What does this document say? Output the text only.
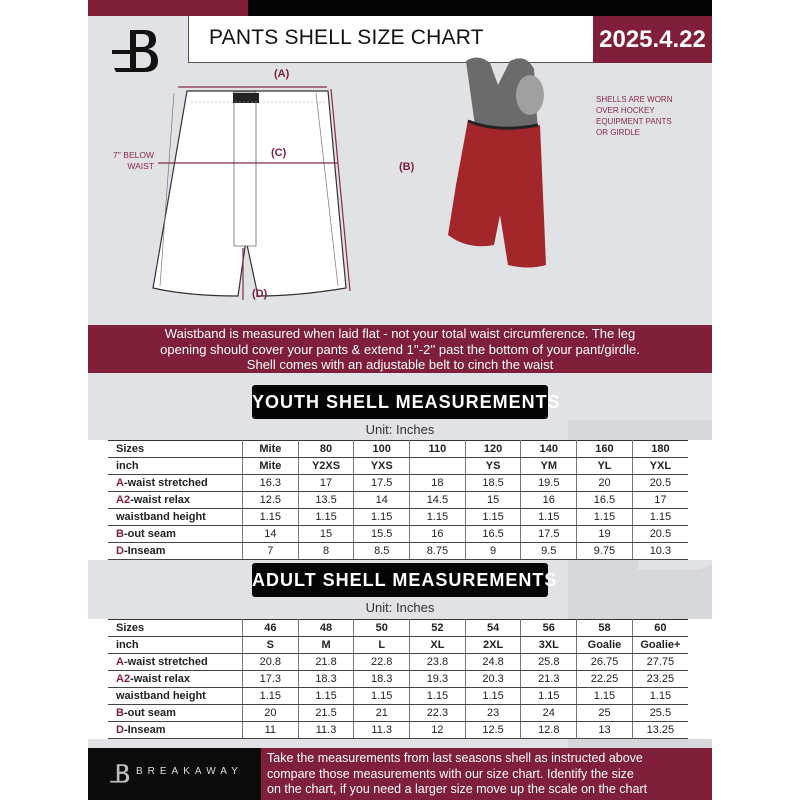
PANTS SHELL SIZE CHART	2025.4.22
(A)
(C)
(B)
(D)
7'' BELOW
WAIST
SHELLS ARE WORN
OVER HOCKEY
EQUIPMENT PANTS
OR GIRDLE
Waistband is measured when laid flat - not your total waist circumference. The leg
opening should cover your pants & extend 1''-2'' past the bottom of your pant/girdle.
Shell comes with an adjustable belt to cinch the waist
YOUTH SHELL MEASUREMENTS
Unit: Inches
Sizes	Mite	80	100	110	120	140	160	180
inch	Mite	Y2XS	YXS		YS	YM	YL	YXL
A-waist stretched	16.3	17	17.5	18	18.5	19.5	20	20.5
A2-waist relax	12.5	13.5	14	14.5	15	16	16.5	17
waistband height	1.15	1.15	1.15	1.15	1.15	1.15	1.15	1.15
B-out seam	14	15	15.5	16	16.5	17.5	19	20.5
D-Inseam	7	8	8.5	8.75	9	9.5	9.75	10.3
ADULT SHELL MEASUREMENTS
Unit: Inches
Sizes	46	48	50	52	54	56	58	60
inch	S	M	L	XL	2XL	3XL	Goalie	Goalie+
A-waist stretched	20.8	21.8	22.8	23.8	24.8	25.8	26.75	27.75
A2-waist relax	17.3	18.3	18.3	19.3	20.3	21.3	22.25	23.25
waistband height	1.15	1.15	1.15	1.15	1.15	1.15	1.15	1.15
B-out seam	20	21.5	21	22.3	23	24	25	25.5
D-Inseam	11	11.3	11.3	12	12.5	12.8	13	13.25
BREAKAWAY
Take the measurements from last seasons shell as instructed above
compare those measurements with our size chart. Identify the size
on the chart, if you need a larger size move up the scale on the chart
